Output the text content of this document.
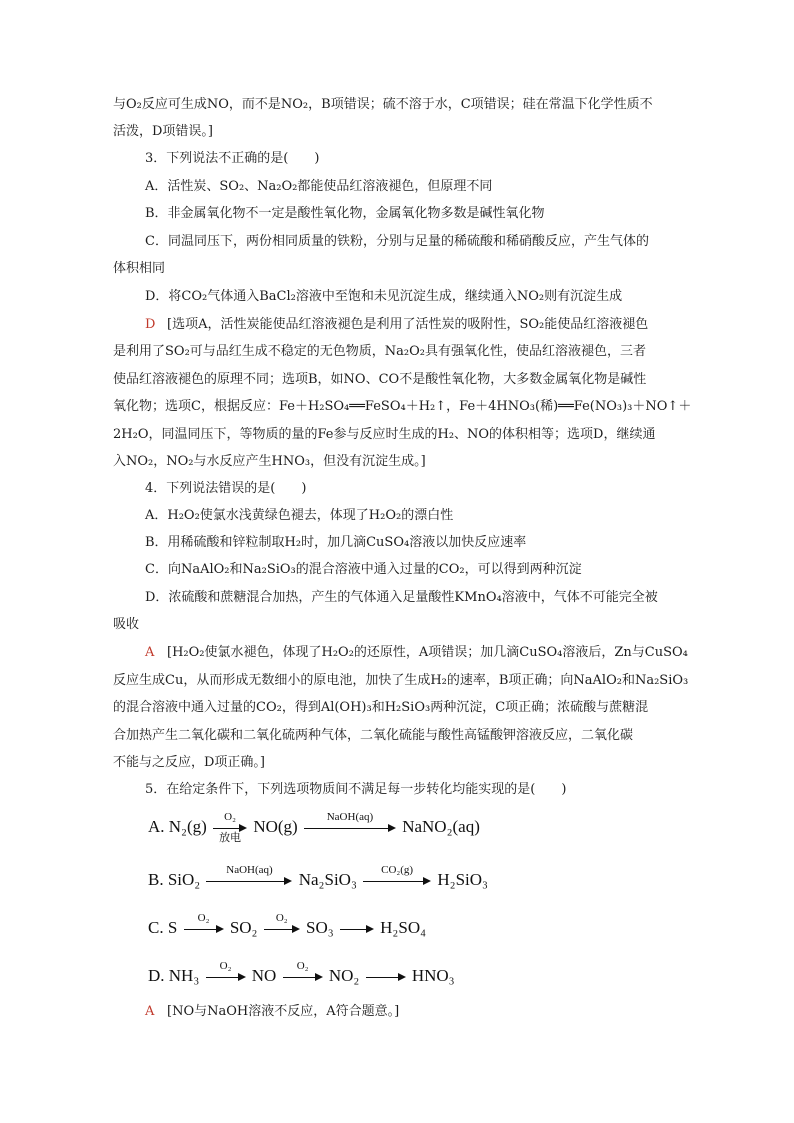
与O₂反应可生成NO，而不是NO₂，B项错误；硫不溶于水，C项错误；硅在常温下化学性质不
活泼，D项错误。]
3．下列说法不正确的是(　　)
A．活性炭、SO₂、Na₂O₂都能使品红溶液褪色，但原理不同
B．非金属氧化物不一定是酸性氧化物，金属氧化物多数是碱性氧化物
C．同温同压下，两份相同质量的铁粉，分别与足量的稀硫酸和稀硝酸反应，产生气体的
体积相同
D．将CO₂气体通入BaCl₂溶液中至饱和未见沉淀生成，继续通入NO₂则有沉淀生成
D [选项A，活性炭能使品红溶液褪色是利用了活性炭的吸附性，SO₂能使品红溶液褪色
是利用了SO₂可与品红生成不稳定的无色物质，Na₂O₂具有强氧化性，使品红溶液褪色，三者
使品红溶液褪色的原理不同；选项B，如NO、CO不是酸性氧化物，大多数金属氧化物是碱性
氧化物；选项C，根据反应：Fe＋H₂SO₄══FeSO₄＋H₂↑，Fe＋4HNO₃(稀)══Fe(NO₃)₃＋NO↑＋
2H₂O，同温同压下，等物质的量的Fe参与反应时生成的H₂、NO的体积相等；选项D，继续通
入NO₂，NO₂与水反应产生HNO₃，但没有沉淀生成。]
4．下列说法错误的是(　　)
A．H₂O₂使氯水浅黄绿色褪去，体现了H₂O₂的漂白性
B．用稀硫酸和锌粒制取H₂时，加几滴CuSO₄溶液以加快反应速率
C．向NaAlO₂和Na₂SiO₃的混合溶液中通入过量的CO₂，可以得到两种沉淀
D．浓硫酸和蔗糖混合加热，产生的气体通入足量酸性KMnO₄溶液中，气体不可能完全被
吸收
A [H₂O₂使氯水褪色，体现了H₂O₂的还原性，A项错误；加几滴CuSO₄溶液后，Zn与CuSO₄
反应生成Cu，从而形成无数细小的原电池，加快了生成H₂的速率，B项正确；向NaAlO₂和Na₂SiO₃
的混合溶液中通入过量的CO₂，得到Al(OH)₃和H₂SiO₃两种沉淀，C项正确；浓硫酸与蔗糖混
合加热产生二氧化碳和二氧化硫两种气体，二氧化硫能与酸性高锰酸钾溶液反应，二氧化碳
不能与之反应，D项正确。]
5．在给定条件下，下列选项物质间不满足每一步转化均能实现的是(　　)
A. N₂(g)	O₂
放电
NO(g)	NaOH(aq)	NaNO₂(aq)
B. SiO₂	NaOH(aq)	Na₂SiO₃	CO₂(g)	H₂SiO₃
C. S	O₂	SO₂	O₂	SO₃	H₂SO₄
D. NH₃	O₂	NO	O₂	NO₂	HNO₃
A [NO与NaOH溶液不反应，A符合题意。]
